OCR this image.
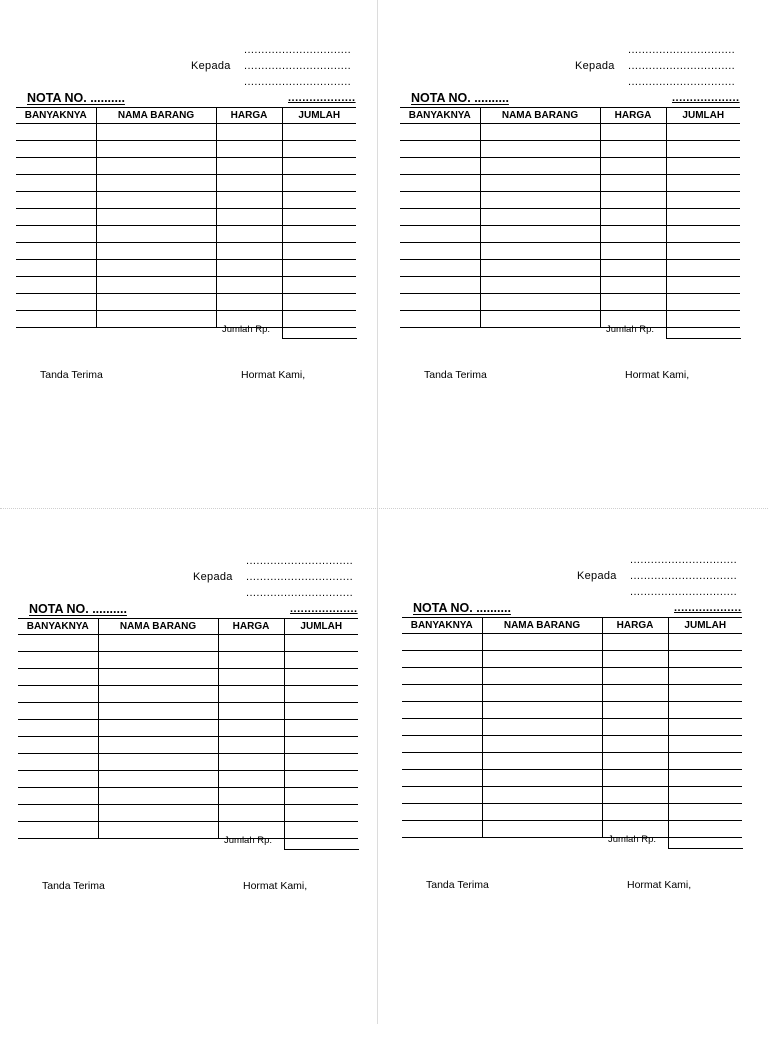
...............................
Kepada ...............................
...............................
NOTA NO. ..........	...................
BANYAKNYA	NAMA BARANG	HARGA	JUMLAH

Jumlah Rp.
Tanda Terima	Hormat Kami,
...............................
Kepada ...............................
...............................
NOTA NO. ..........	...................
BANYAKNYA	NAMA BARANG	HARGA	JUMLAH

Jumlah Rp.
Tanda Terima	Hormat Kami,
...............................
Kepada ...............................
...............................
NOTA NO. ..........	...................
BANYAKNYA	NAMA BARANG	HARGA	JUMLAH

Jumlah Rp.
Tanda Terima	Hormat Kami,
...............................
Kepada ...............................
...............................
NOTA NO. ..........	...................
BANYAKNYA	NAMA BARANG	HARGA	JUMLAH

Jumlah Rp.
Tanda Terima	Hormat Kami,
